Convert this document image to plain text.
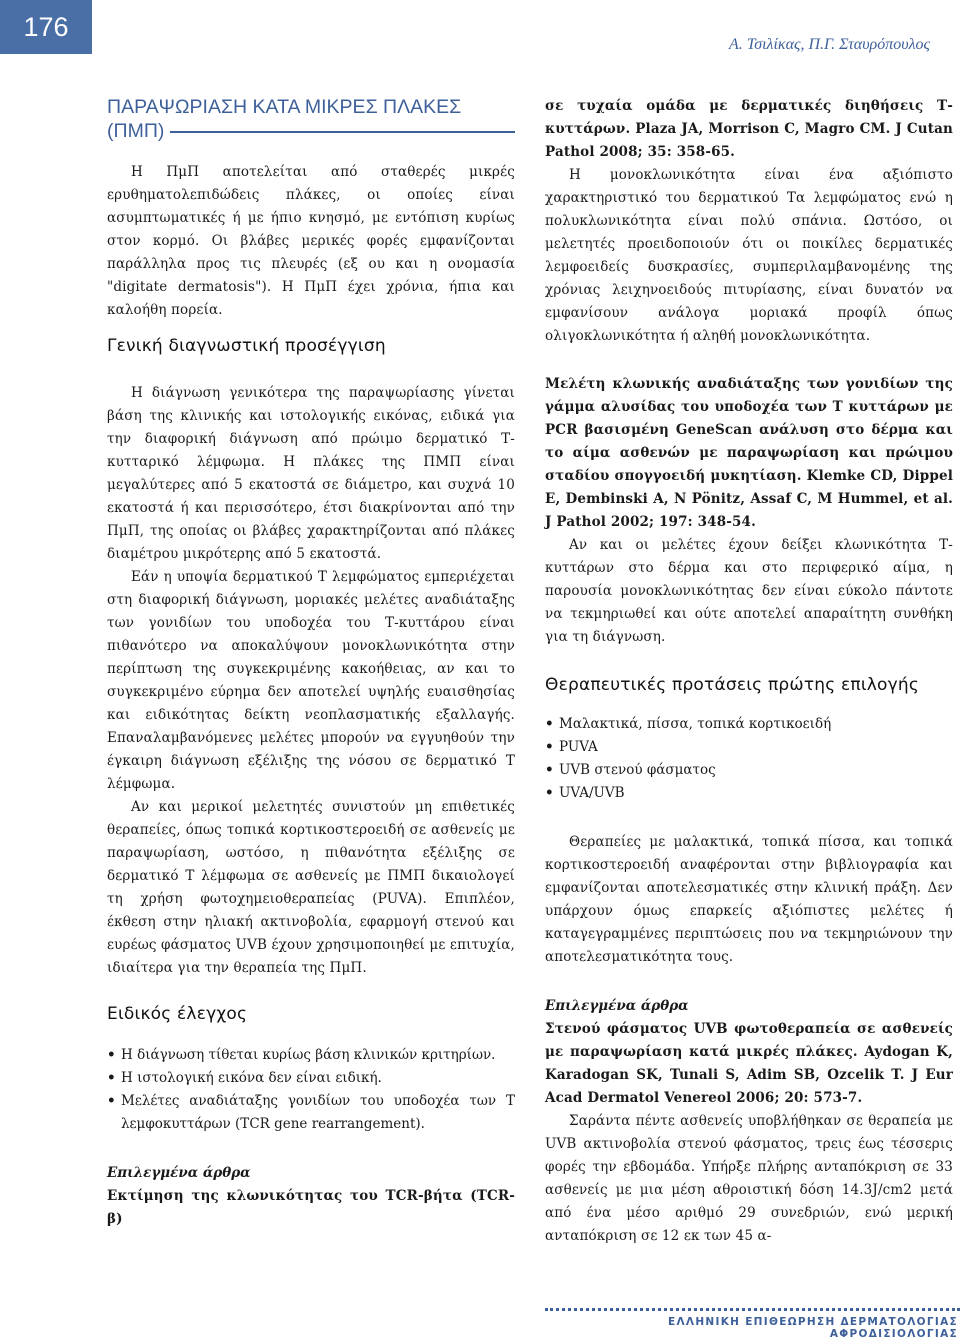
176
Α. Τσιλίκας, Π.Γ. Σταυρόπουλος
ΠΑΡΑΨΩΡΙΑΣΗ ΚΑΤΑ ΜΙΚΡΕΣ ΠΛΑΚΕΣ
(ΠΜΠ)

Η ΠμΠ αποτελείται από σταθερές μικρές ερυθηματολεπιδώδεις πλάκες, οι οποίες είναι ασυμπτωματικές ή με ήπιο κνησμό, με εντόπιση κυρίως στον κορμό. Οι βλάβες μερικές φορές εμφανίζονται παράλληλα προς τις πλευρές (εξ ου και η ονομασία "digitate dermatosis"). Η ΠμΠ έχει χρόνια, ήπια και καλοήθη πορεία.

Γενική διαγνωστική προσέγγιση

Η διάγνωση γενικότερα της παραψωρίασης γίνεται βάση της κλινικής και ιστολογικής εικόνας, ειδικά για την διαφορική διάγνωση από πρώιμο δερματικό Τ-κυτταρικό λέμφωμα. Η πλάκες της ΠΜΠ είναι μεγαλύτερες από 5 εκατοστά σε διάμετρο, και συχνά 10 εκατοστά ή και περισσότερο, έτσι διακρίνονται από την ΠμΠ, της οποίας οι βλάβες χαρακτηρίζονται από πλάκες διαμέτρου μικρότερης από 5 εκατοστά.

Εάν η υποψία δερματικού Τ λεμφώματος εμπεριέχεται στη διαφορική διάγνωση, μοριακές μελέτες αναδιάταξης των γονιδίων του υποδοχέα του Τ-κυττάρου είναι πιθανότερο να αποκαλύψουν μονοκλωνικότητα στην περίπτωση της συγκεκριμένης κακοήθειας, αν και το συγκεκριμένο εύρημα δεν αποτελεί υψηλής ευαισθησίας και ειδικότητας δείκτη νεοπλασματικής εξαλλαγής. Επαναλαμβανόμενες μελέτες μπορούν να εγγυηθούν την έγκαιρη διάγνωση εξέλιξης της νόσου σε δερματικό Τ λέμφωμα.

Αν και μερικοί μελετητές συνιστούν μη επιθετικές θεραπείες, όπως τοπικά κορτικοστεροειδή σε ασθενείς με παραψωρίαση, ωστόσο, η πιθανότητα εξέλιξης σε δερματικό Τ λέμφωμα σε ασθενείς με ΠΜΠ δικαιολογεί τη χρήση φωτοχημειοθεραπείας (PUVA). Επιπλέον, έκθεση στην ηλιακή ακτινοβολία, εφαρμογή στενού και ευρέως φάσματος UVB έχουν χρησιμοποιηθεί με επιτυχία, ιδιαίτερα για την θεραπεία της ΠμΠ.

Ειδικός έλεγχος
• Η διάγνωση τίθεται κυρίως βάση κλινικών κριτηρίων.
• Η ιστολογική εικόνα δεν είναι ειδική.
• Μελέτες αναδιάταξης γονιδίων του υποδοχέα των Τ λεμφοκυττάρων (TCR gene rearrangement).
Επιλεγμένα άρθρα

Εκτίμηση της κλωνικότητας του TCR-βήτα (TCR-β)

σε τυχαία ομάδα με δερματικές διηθήσεις Τ-κυττάρων. Plaza JA, Morrison C, Magro CM. J Cutan Pathol 2008; 35: 358-65.

Η μονοκλωνικότητα είναι ένα αξιόπιστο χαρακτηριστικό του δερματικού Τα λεμφώματος ενώ η πολυκλωνικότητα είναι πολύ σπάνια. Ωστόσο, οι μελετητές προειδοποιούν ότι οι ποικίλες δερματικές λεμφοειδείς δυσκρασίες, συμπεριλαμβανομένης της χρόνιας λειχηνοειδούς πιτυρίασης, είναι δυνατόν να εμφανίσουν ανάλογα μοριακά προφίλ όπως ολιγοκλωνικότητα ή αληθή μονοκλωνικότητα.

Μελέτη κλωνικής αναδιάταξης των γονιδίων της γάμμα αλυσίδας του υποδοχέα των Τ κυττάρων με PCR βασισμένη GeneScan ανάλυση στο δέρμα και το αίμα ασθενών με παραψωρίαση και πρώιμου σταδίου σπογγοειδή μυκητίαση. Klemke CD, Dippel E, Dembinski A, N Pönitz, Assaf C, M Hummel, et al. J Pathol 2002; 197: 348-54.

Αν και οι μελέτες έχουν δείξει κλωνικότητα Τ-κυττάρων στο δέρμα και στο περιφερικό αίμα, η παρουσία μονοκλωνικότητας δεν είναι εύκολο πάντοτε να τεκμηριωθεί και ούτε αποτελεί απαραίτητη συνθήκη για τη διάγνωση.

Θεραπευτικές προτάσεις πρώτης επιλογής
• Μαλακτικά, πίσσα, τοπικά κορτικοειδή
• PUVA
• UVB στενού φάσματος
• UVA/UVB

Θεραπείες με μαλακτικά, τοπικά πίσσα, και τοπικά κορτικοστεροειδή αναφέρονται στην βιβλιογραφία και εμφανίζονται αποτελεσματικές στην κλινική πράξη. Δεν υπάρχουν όμως επαρκείς αξιόπιστες μελέτες ή καταγεγραμμένες περιπτώσεις που να τεκμηριώνουν την αποτελεσματικότητα τους.

Επιλεγμένα άρθρα

Στενού φάσματος UVB φωτοθεραπεία σε ασθενείς με παραψωρίαση κατά μικρές πλάκες. Aydogan K, Karadogan SK, Tunali S, Adim SB, Ozcelik T. J Eur Acad Dermatol Venereol 2006; 20: 573-7.

Σαράντα πέντε ασθενείς υποβλήθηκαν σε θεραπεία με UVB ακτινοβολία στενού φάσματος, τρεις έως τέσσερις φορές την εβδομάδα. Υπήρξε πλήρης ανταπόκριση σε 33 ασθενείς με μια μέση αθροιστική δόση 14.3J/cm2 μετά από ένα μέσο αριθμό 29 συνεδριών, ενώ μερική ανταπόκριση σε 12 εκ των 45 α-

ΕΛΛΗΝΙΚΗ ΕΠΙΘΕΩΡΗΣΗ ΔΕΡΜΑΤΟΛΟΓΙΑΣ ΑΦΡΟΔΙΣΙΟΛΟΓΙΑΣ
